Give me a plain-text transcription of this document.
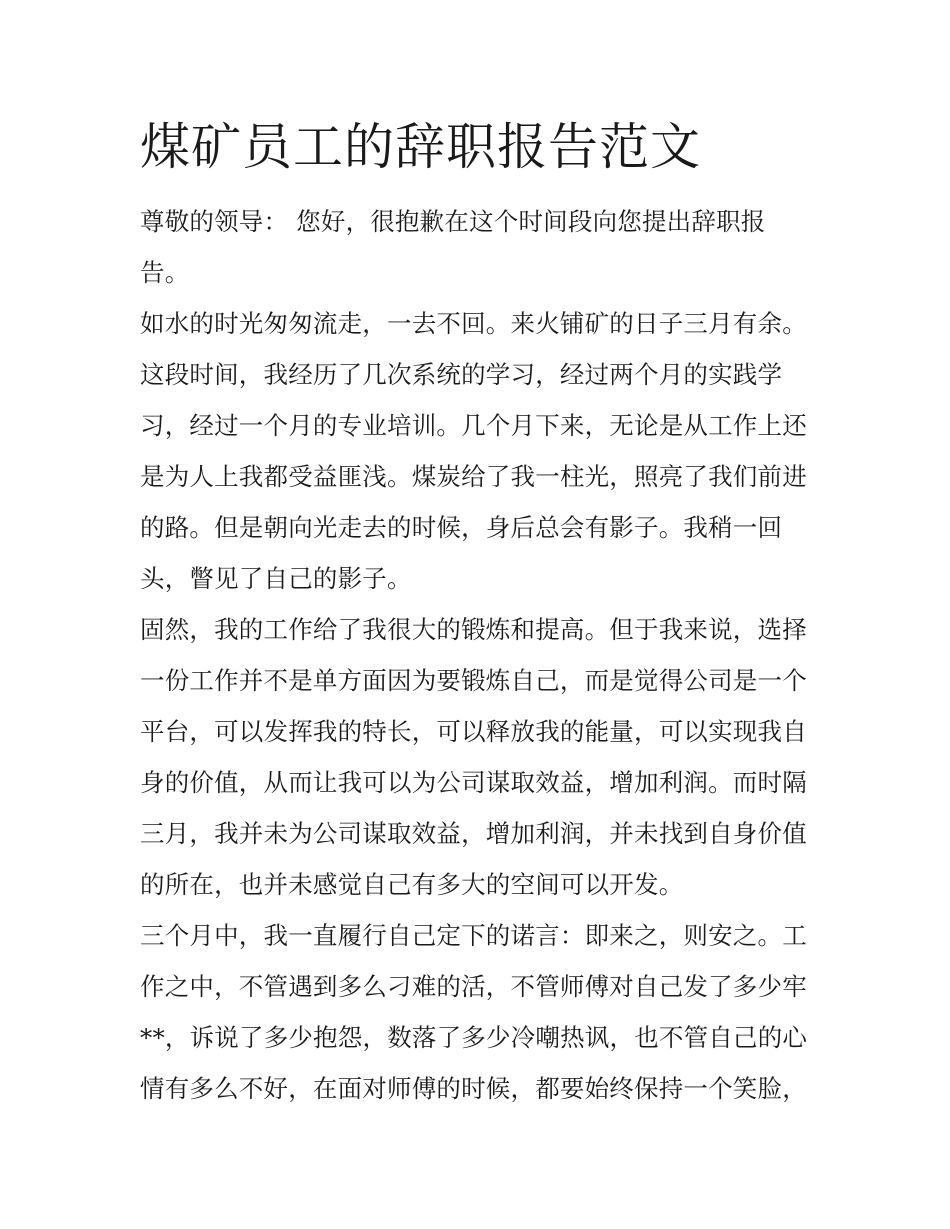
煤矿员工的辞职报告范文
尊敬的领导： 您好，很抱歉在这个时间段向您提出辞职报
告。
如水的时光匆匆流走，一去不回。来火铺矿的日子三月有余。
这段时间，我经历了几次系统的学习，经过两个月的实践学
习，经过一个月的专业培训。几个月下来，无论是从工作上还
是为人上我都受益匪浅。煤炭给了我一柱光，照亮了我们前进
的路。但是朝向光走去的时候，身后总会有影子。我稍一回
头，瞥见了自己的影子。
固然，我的工作给了我很大的锻炼和提高。但于我来说，选择
一份工作并不是单方面因为要锻炼自己，而是觉得公司是一个
平台，可以发挥我的特长，可以释放我的能量，可以实现我自
身的价值，从而让我可以为公司谋取效益，增加利润。而时隔
三月，我并未为公司谋取效益，增加利润，并未找到自身价值
的所在，也并未感觉自己有多大的空间可以开发。
三个月中，我一直履行自己定下的诺言：即来之，则安之。工
作之中，不管遇到多么刁难的活，不管师傅对自己发了多少牢
**，诉说了多少抱怨，数落了多少冷嘲热讽，也不管自己的心
情有多么不好，在面对师傅的时候，都要始终保持一个笑脸，
